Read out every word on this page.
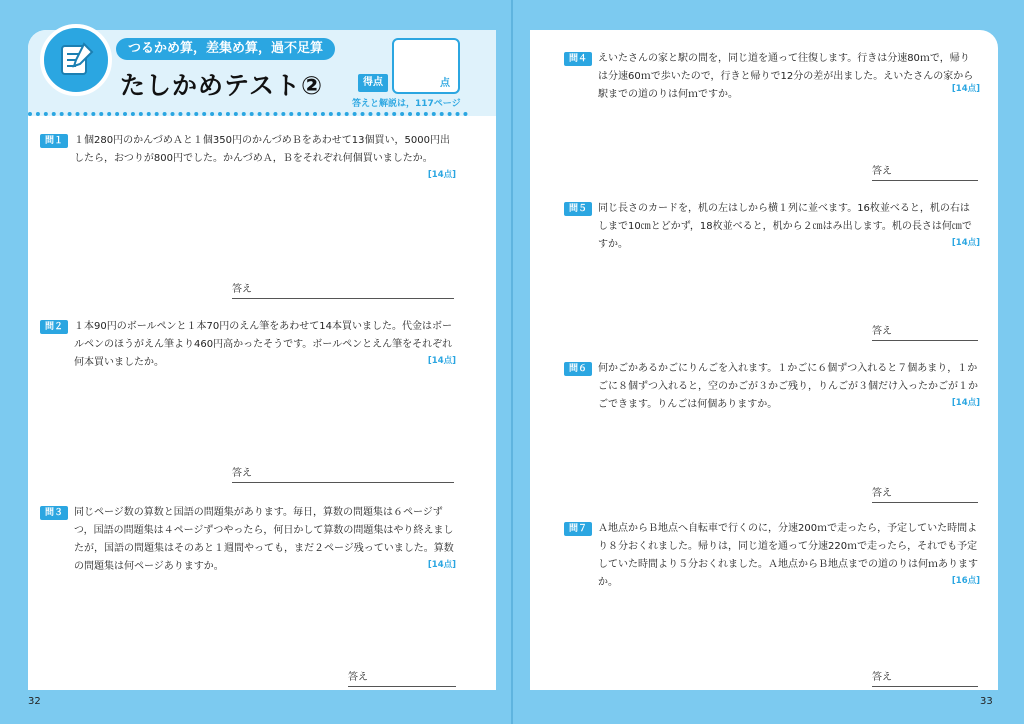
つるかめ算，差集め算，過不足算
たしかめテスト②	得点	点
答えと解説は，117ページ
問１	１個280円のかんづめＡと１個350円のかんづめＢをあわせて13個買い，5000円出したら，おつりが800円でした。かんづめＡ，Ｂをそれぞれ何個買いましたか。
[14点]
答え
問２	１本90円のボールペンと１本70円のえん筆をあわせて14本買いました。代金はボールペンのほうがえん筆より460円高かったそうです。ボールペンとえん筆をそれぞれ何本買いましたか。	[14点]
答え
問３	同じページ数の算数と国語の問題集があります。毎日，算数の問題集は６ページずつ，国語の問題集は４ページずつやったら，何日かして算数の問題集はやり終えましたが，国語の問題集はそのあと１週間やっても，まだ２ページ残っていました。算数の問題集は何ページありますか。	[14点]
答え
問４	えいたさんの家と駅の間を，同じ道を通って往復します。行きは分速80ｍで，帰りは分速60ｍで歩いたので，行きと帰りで12分の差が出ました。えいたさんの家から駅までの道のりは何ｍですか。	[14点]
答え
問５	同じ長さのカードを，机の左はしから横１列に並べます。16枚並べると，机の右はしまで10㎝とどかず，18枚並べると，机から２㎝はみ出します。机の長さは何㎝ですか。	[14点]
答え
問６	何かごかあるかごにりんごを入れます。１かごに６個ずつ入れると７個あまり，１かごに８個ずつ入れると，空のかごが３かご残り，りんごが３個だけ入ったかごが１かごできます。りんごは何個ありますか。	[14点]
答え
問７	Ａ地点からＢ地点へ自転車で行くのに，分速200ｍで走ったら，予定していた時間より８分おくれました。帰りは，同じ道を通って分速220ｍで走ったら，それでも予定していた時間より５分おくれました。Ａ地点からＢ地点までの道のりは何ｍありますか。	[16点]
答え
32	33
